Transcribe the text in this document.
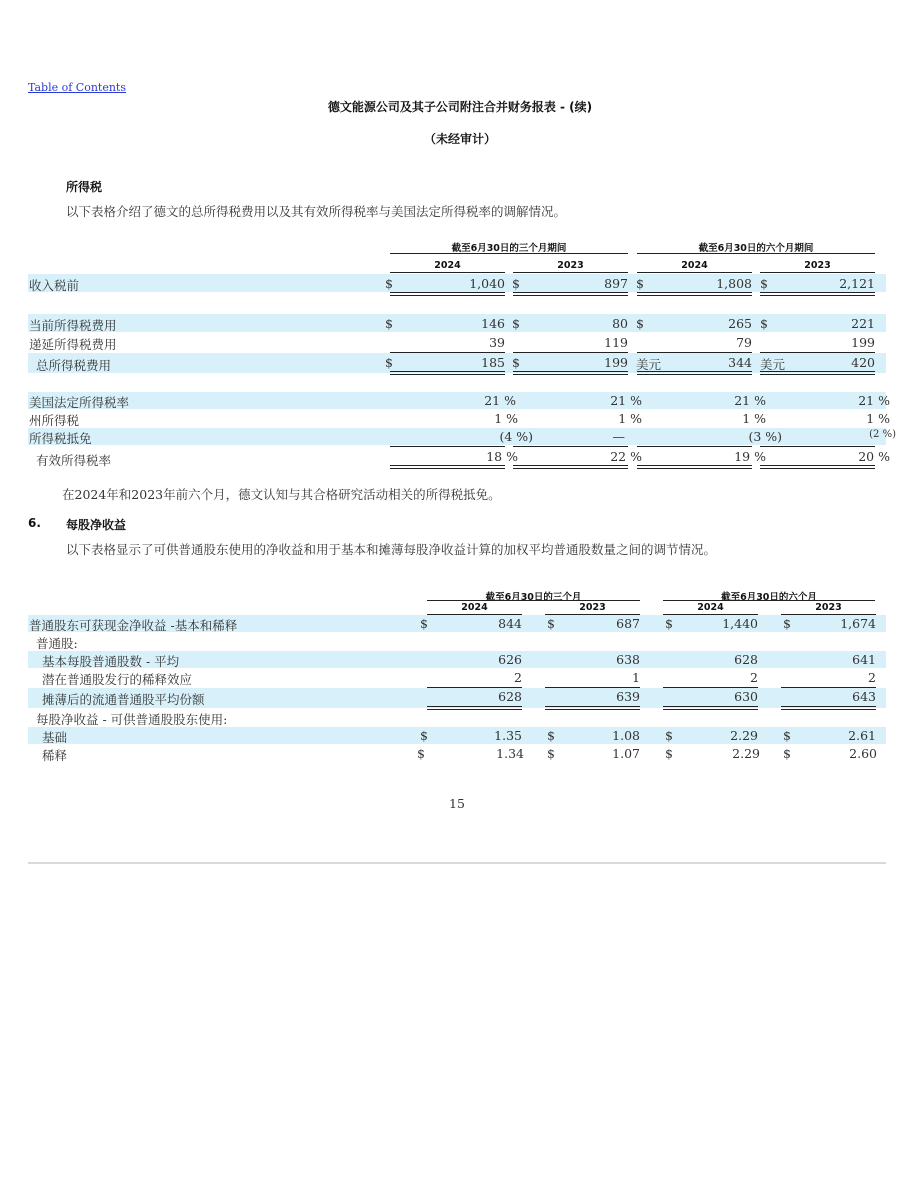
Table of Contents
德文能源公司及其子公司附注合并财务报表 - (续)
（未经审计）
所得税
以下表格介绍了德文的总所得税费用以及其有效所得税率与美国法定所得税率的调解情况。
截至6月30日的三个月期间	截至6月30日的六个月期间
2024	2023	2024	2023
收入税前	$	1,040 $	897 $	1,808 $	2,121
当前所得税费用	$	146 $	80 $	265 $	221
递延所得税费用	39	119	79	199
总所得税费用	$	185 $	199 美元	344 美元	420
美国法定所得税率	21 %	21 %	21 %	21 %
州所得税	1 %	1 %	1 %	1 %
所得税抵免	(4 %)	—	(3 %)	(2 %)
有效所得税率	18 %	22 %	19 %	20 %
在2024年和2023年前六个月，德文认知与其合格研究活动相关的所得税抵免。
6. 每股净收益
以下表格显示了可供普通股东使用的净收益和用于基本和摊薄每股净收益计算的加权平均普通股数量之间的调节情况。
截至6月30日的三个月	截至6月30日的六个月
2024	2023	2024	2023
普通股东可获现金净收益 -基本和稀释	$	844 $	687 $	1,440 $	1,674
普通股:
基本每股普通股数 - 平均	626	638	628	641
潜在普通股发行的稀释效应	2	1	2	2
摊薄后的流通普通股平均份额	628	639	630	643
每股净收益 - 可供普通股股东使用:
基础	$	1.35 $	1.08 $	2.29 $	2.61
稀释	$	1.34 $	1.07 $	2.29 $	2.60
15
